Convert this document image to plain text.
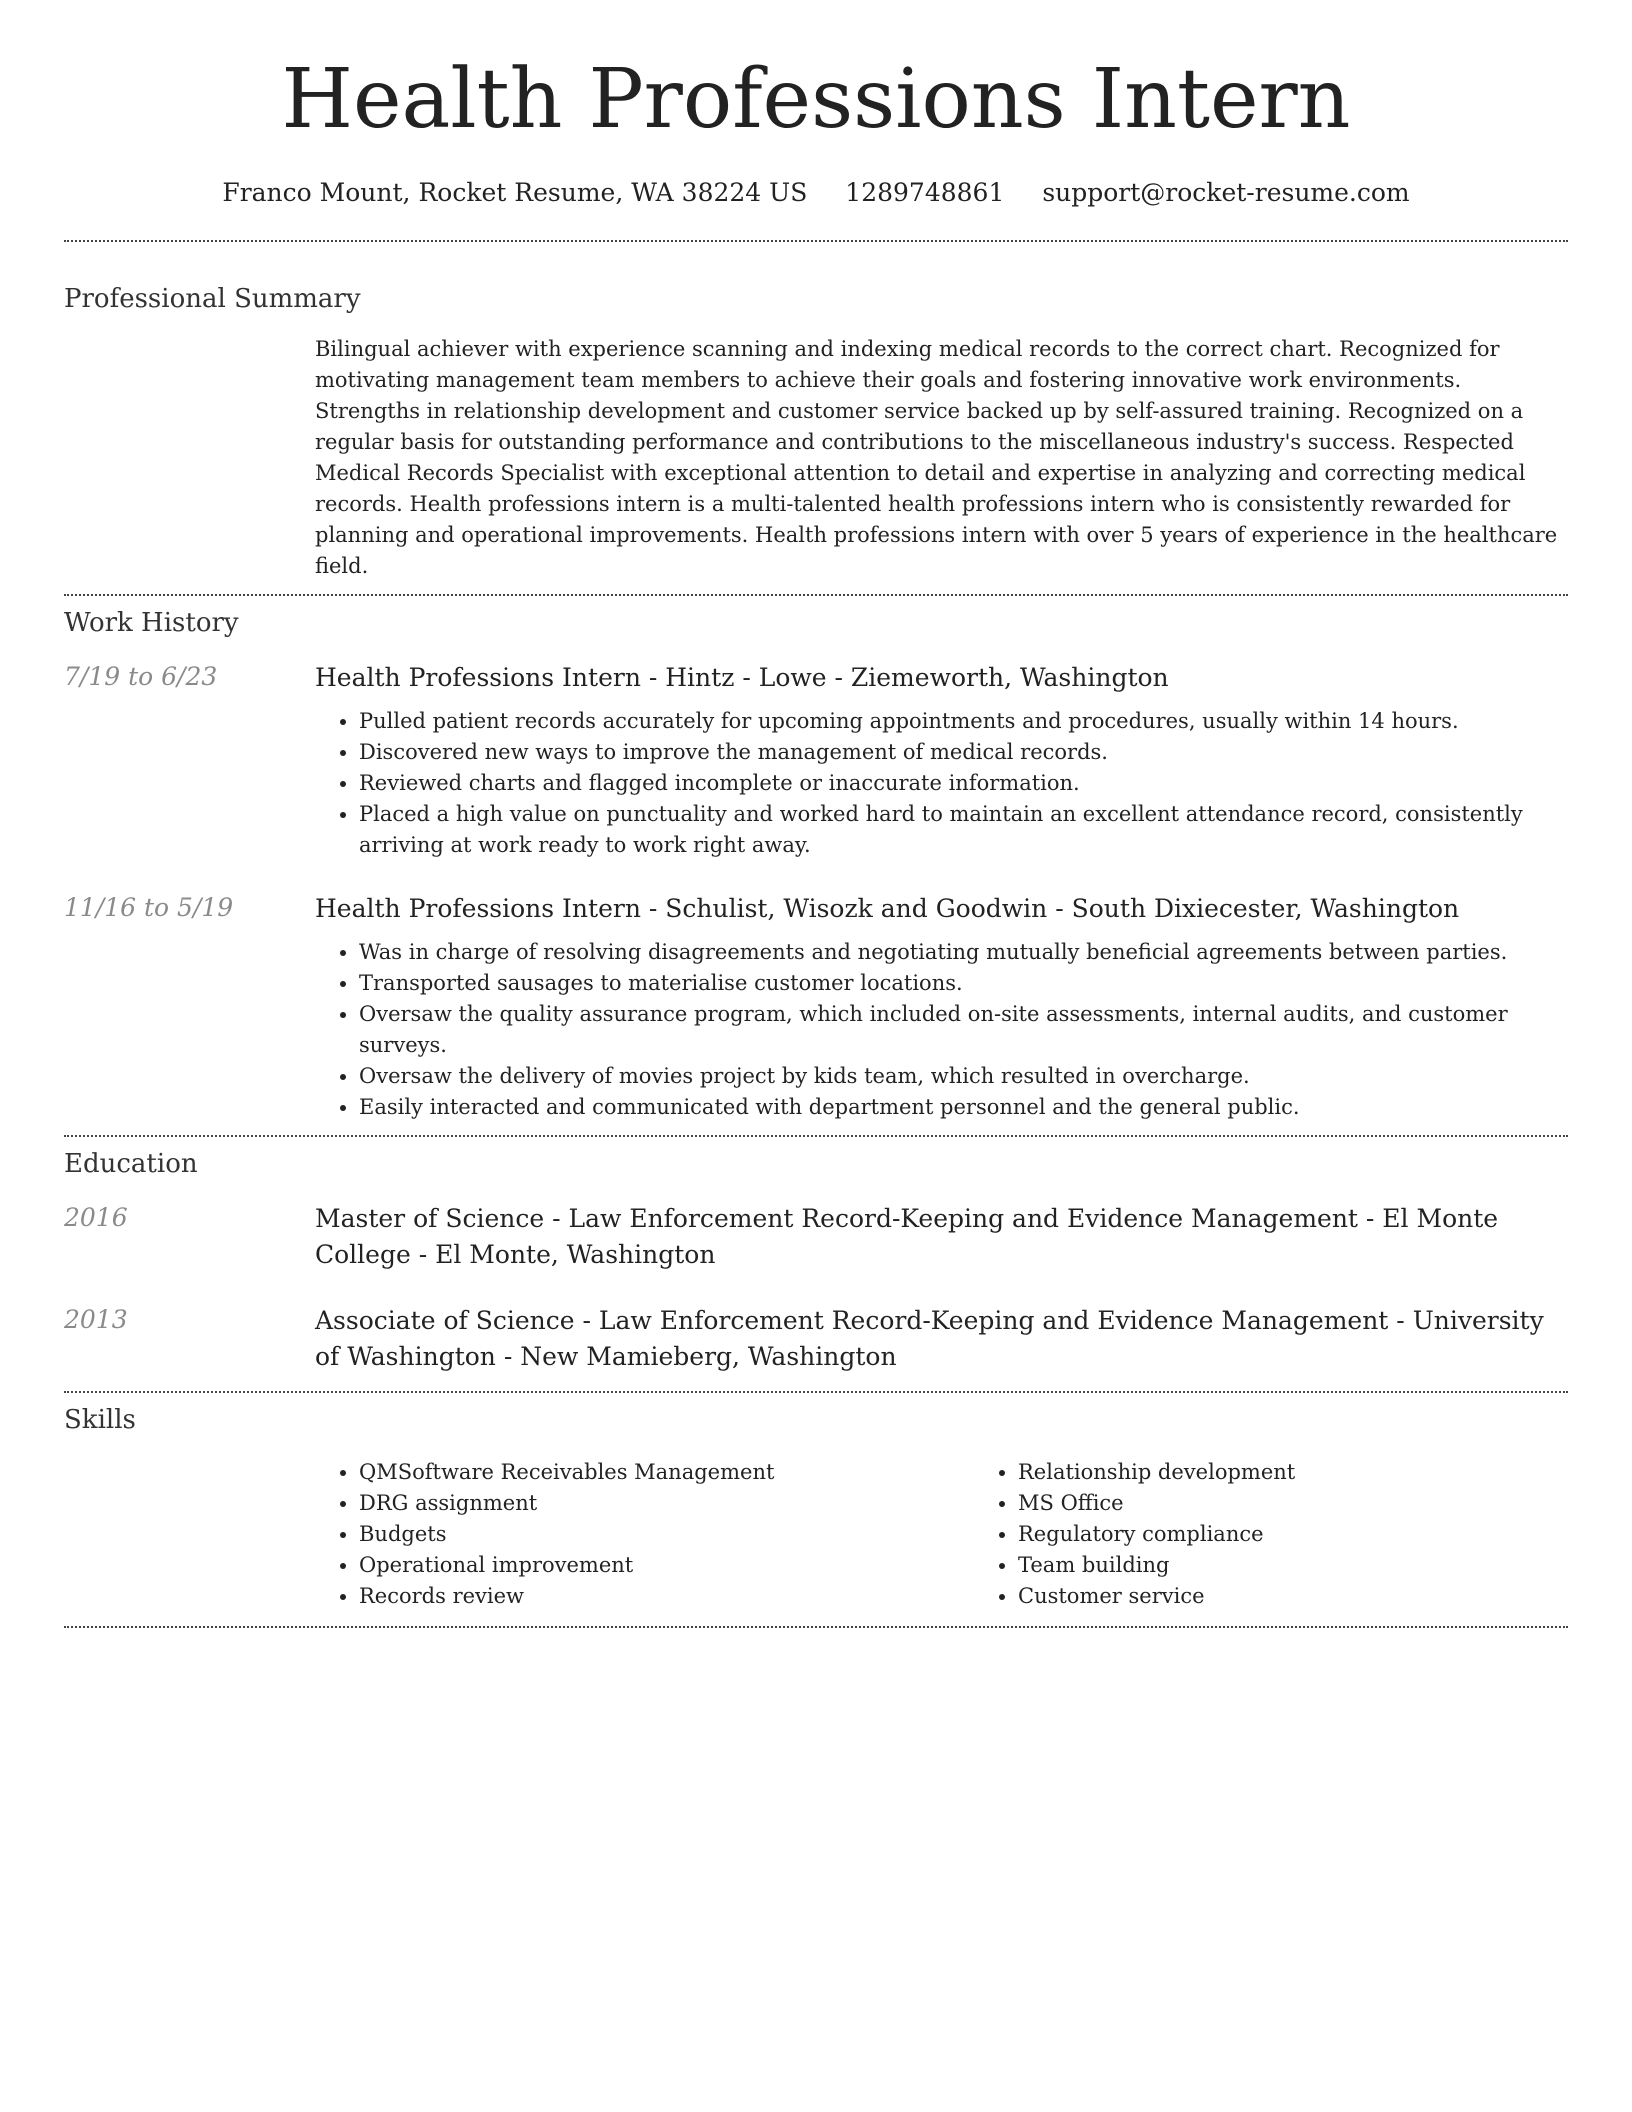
Health Professions Intern
Franco Mount, Rocket Resume, WA 38224 US 1289748861 support@rocket-resume.com
Professional Summary
Bilingual achiever with experience scanning and indexing medical records to the correct chart. Recognized for motivating management team members to achieve their goals and fostering innovative work environments. Strengths in relationship development and customer service backed up by self-assured training. Recognized on a regular basis for outstanding performance and contributions to the miscellaneous industry's success. Respected Medical Records Specialist with exceptional attention to detail and expertise in analyzing and correcting medical records. Health professions intern is a multi-talented health professions intern who is consistently rewarded for planning and operational improvements. Health professions intern with over 5 years of experience in the healthcare field.
Work History
7/19 to 6/23	Health Professions Intern - Hintz - Lowe - Ziemeworth, Washington
• Pulled patient records accurately for upcoming appointments and procedures, usually within 14 hours.
• Discovered new ways to improve the management of medical records.
• Reviewed charts and flagged incomplete or inaccurate information.
• Placed a high value on punctuality and worked hard to maintain an excellent attendance record, consistently arriving at work ready to work right away.
11/16 to 5/19	Health Professions Intern - Schulist, Wisozk and Goodwin - South Dixiecester, Washington
• Was in charge of resolving disagreements and negotiating mutually beneficial agreements between parties.
• Transported sausages to materialise customer locations.
• Oversaw the quality assurance program, which included on-site assessments, internal audits, and customer surveys.
• Oversaw the delivery of movies project by kids team, which resulted in overcharge.
• Easily interacted and communicated with department personnel and the general public.
Education
2016	Master of Science - Law Enforcement Record-Keeping and Evidence Management - El Monte College - El Monte, Washington
2013	Associate of Science - Law Enforcement Record-Keeping and Evidence Management - University of Washington - New Mamieberg, Washington
Skills
• QMSoftware Receivables Management
• DRG assignment
• Budgets
• Operational improvement
• Records review
• Relationship development
• MS Office
• Regulatory compliance
• Team building
• Customer service
